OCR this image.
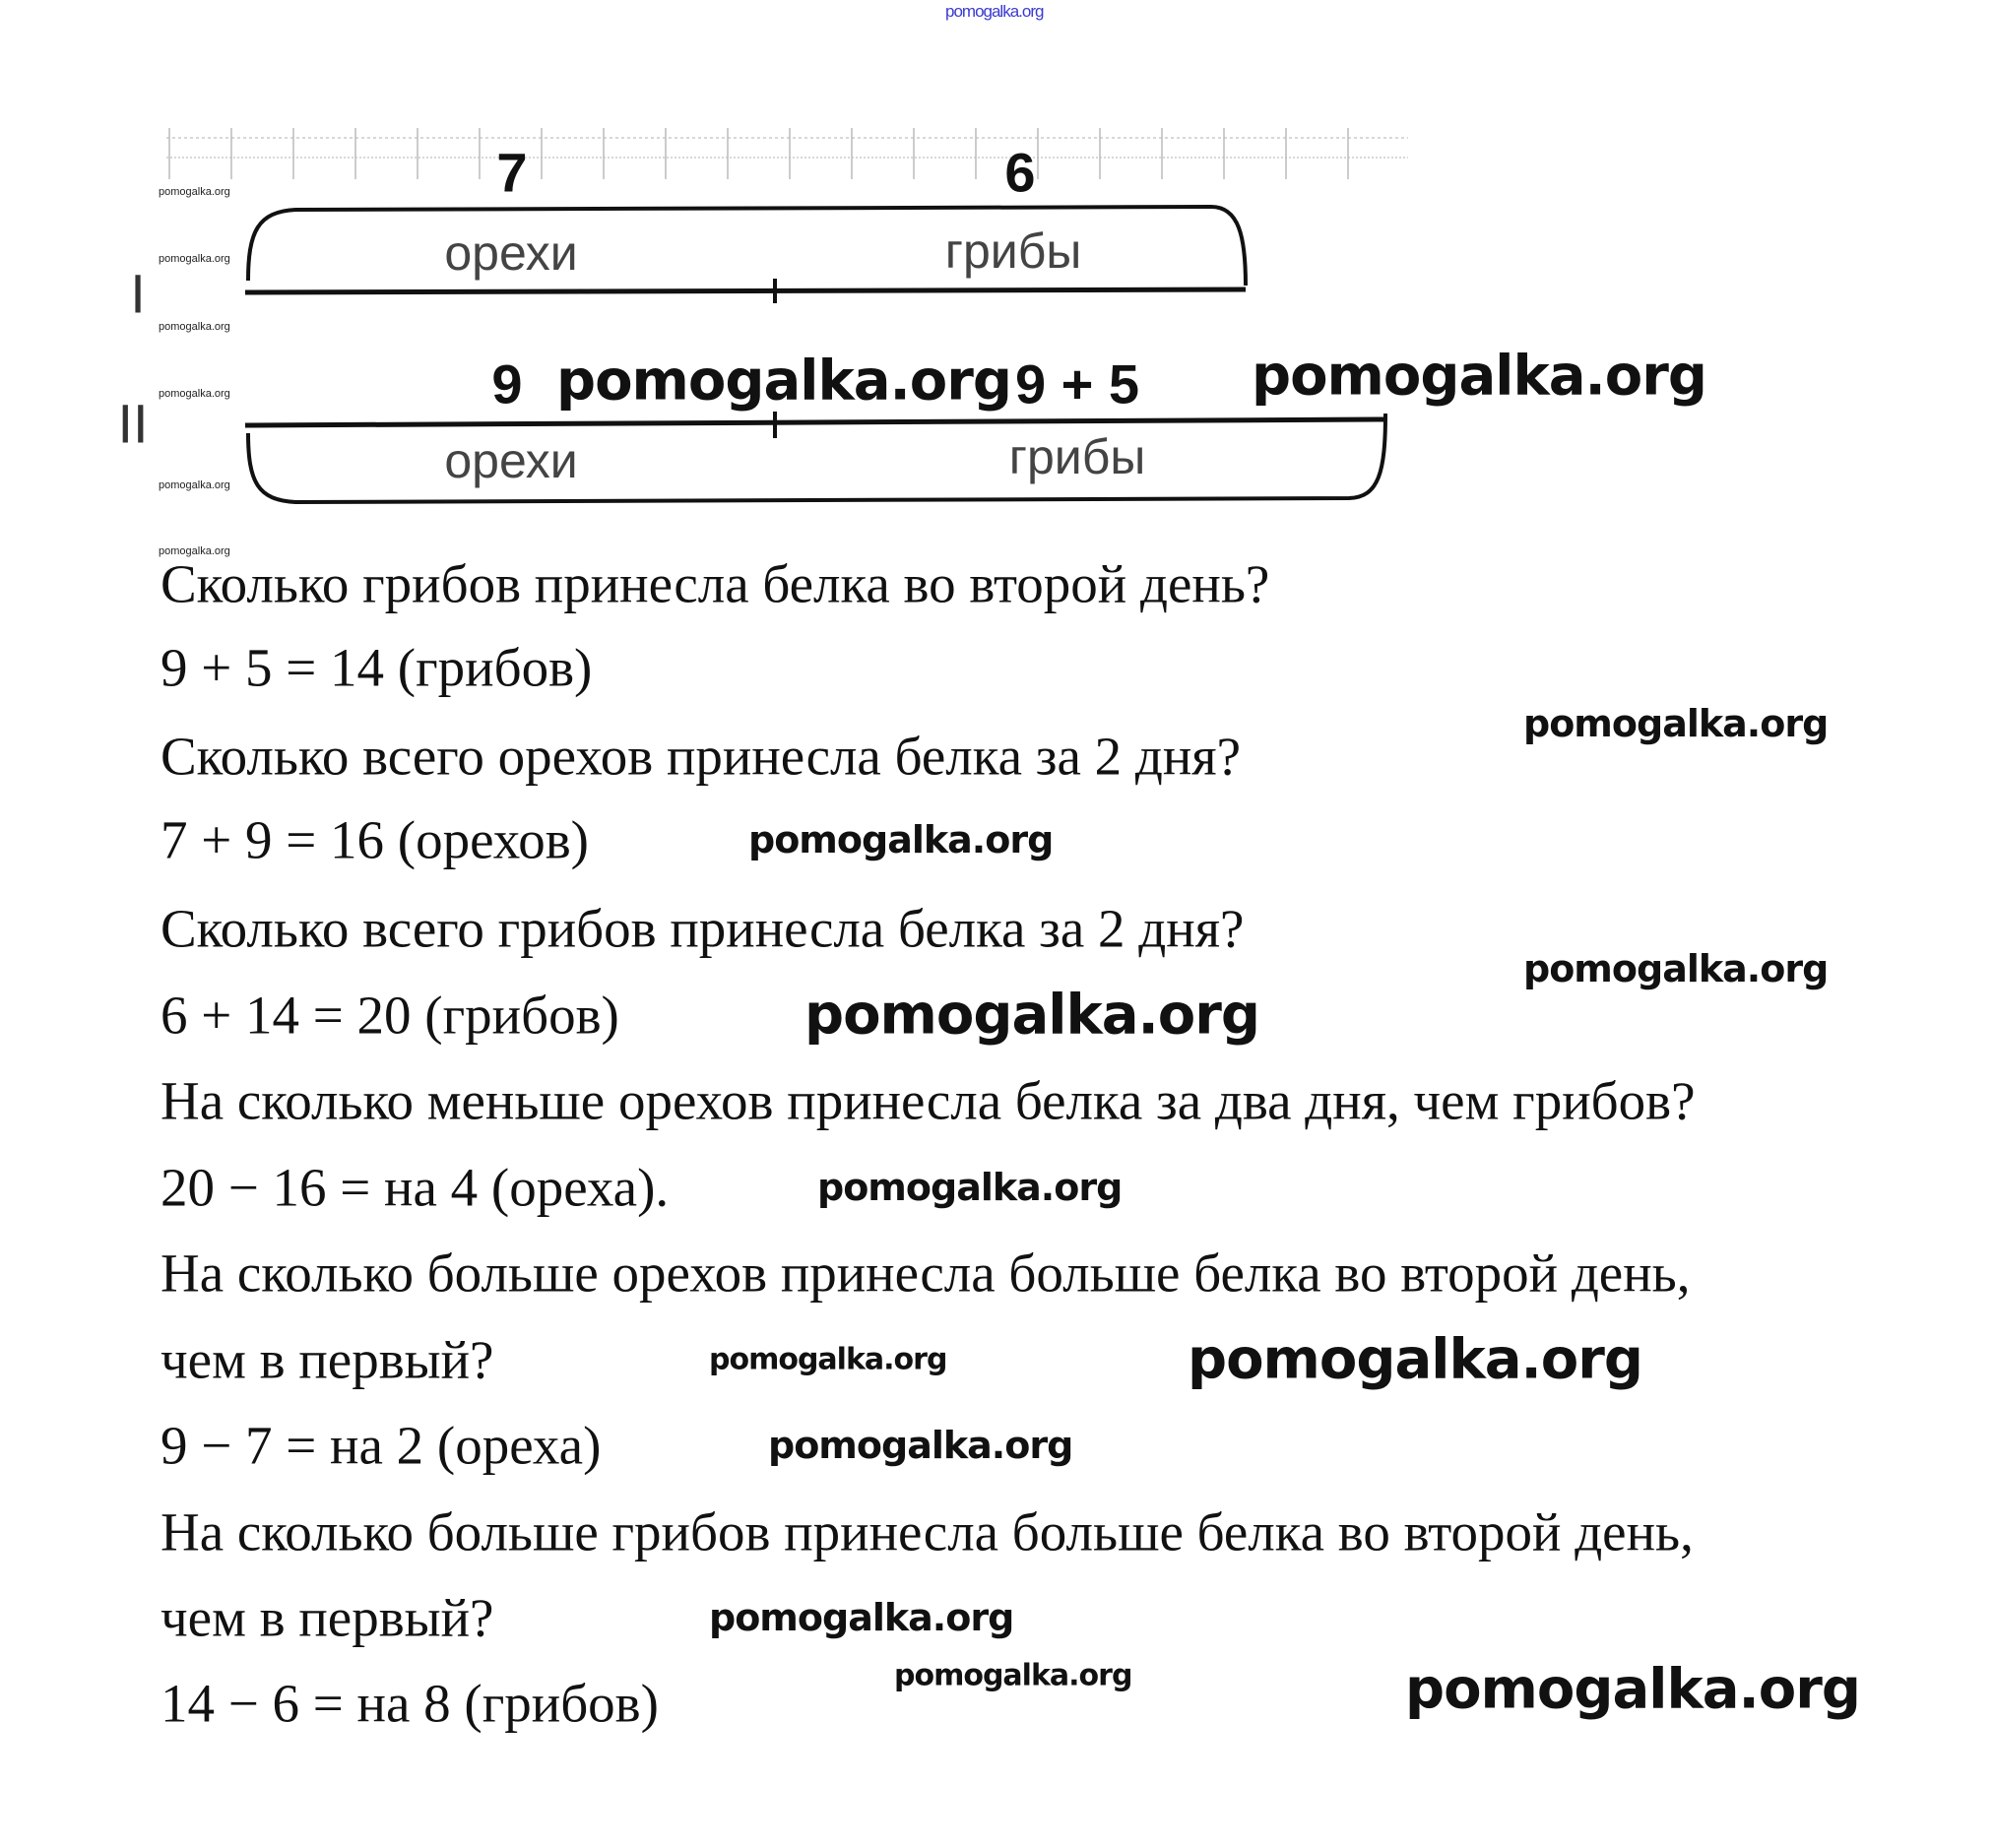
pomogalka.org
7	6
орехи	грибы
I
II
9	9 + 5
орехи	грибы
pomogalka.org
pomogalka.org
pomogalka.org
pomogalka.org
pomogalka.org
pomogalka.org
pomogalka.org	pomogalka.org
Сколько грибов принесла белка во второй день?
9 + 5 = 14 (грибов)
Сколько всего орехов принесла белка за 2 дня?
7 + 9 = 16 (орехов)
Сколько всего грибов принесла белка за 2 дня?
6 + 14 = 20 (грибов)
На сколько меньше орехов принесла белка за два дня, чем грибов?
20 − 16 = на 4 (ореха).
На сколько больше орехов принесла больше белка во второй день,
чем в первый?
9 − 7 = на 2 (ореха)
На сколько больше грибов принесла больше белка во второй день,
чем в первый?
14 − 6 = на 8 (грибов)
pomogalka.org
pomogalka.org
pomogalka.org
pomogalka.org
pomogalka.org
pomogalka.org
pomogalka.org
pomogalka.org
pomogalka.org
pomogalka.org	pomogalka.org
